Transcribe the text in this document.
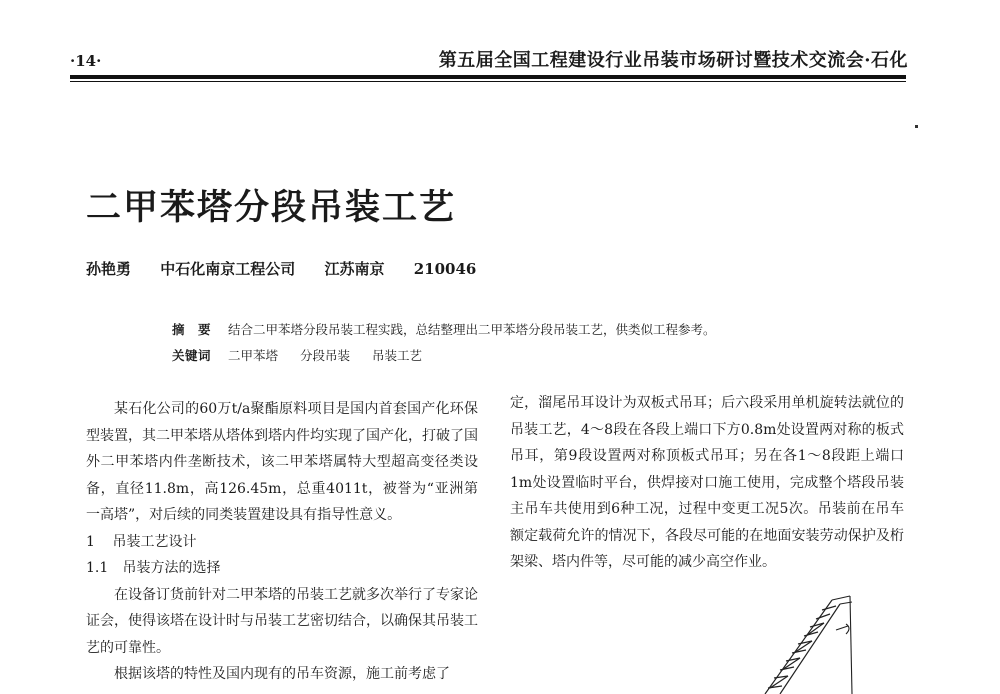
·14·	第五届全国工程建设行业吊装市场研讨暨技术交流会·石化
二甲苯塔分段吊装工艺
孙艳勇 中石化南京工程公司 江苏南京 210046
摘　要 结合二甲苯塔分段吊装工程实践，总结整理出二甲苯塔分段吊装工艺，供类似工程参考。
关键词 二甲苯塔 分段吊装 吊装工艺

某石化公司的60万t/a聚酯原料项目是国内首套国产化环保型装置，其二甲苯塔从塔体到塔内件均实现了国产化，打破了国外二甲苯塔内件垄断技术，该二甲苯塔属特大型超高变径类设备，直径11.8m，高126.45m，总重4011t，被誉为“亚洲第一高塔”，对后续的同类装置建设具有指导性意义。

1 吊装工艺设计

1.1 吊装方法的选择

在设备订货前针对二甲苯塔的吊装工艺就多次举行了专家论证会，使得该塔在设计时与吊装工艺密切结合，以确保其吊装工艺的可靠性。

根据该塔的特性及国内现有的吊车资源，施工前考虑了

定，溜尾吊耳设计为双板式吊耳；后六段采用单机旋转法就位的吊装工艺，4～8段在各段上端口下方0.8m处设置两对称的板式吊耳，第9段设置两对称顶板式吊耳；另在各1～8段距上端口1m处设置临时平台，供焊接对口施工使用，完成整个塔段吊装主吊车共使用到6种工况，过程中变更工况5次。吊装前在吊车额定载荷允许的情况下，各段尽可能的在地面安装劳动保护及桁架梁、塔内件等，尽可能的减少高空作业。
